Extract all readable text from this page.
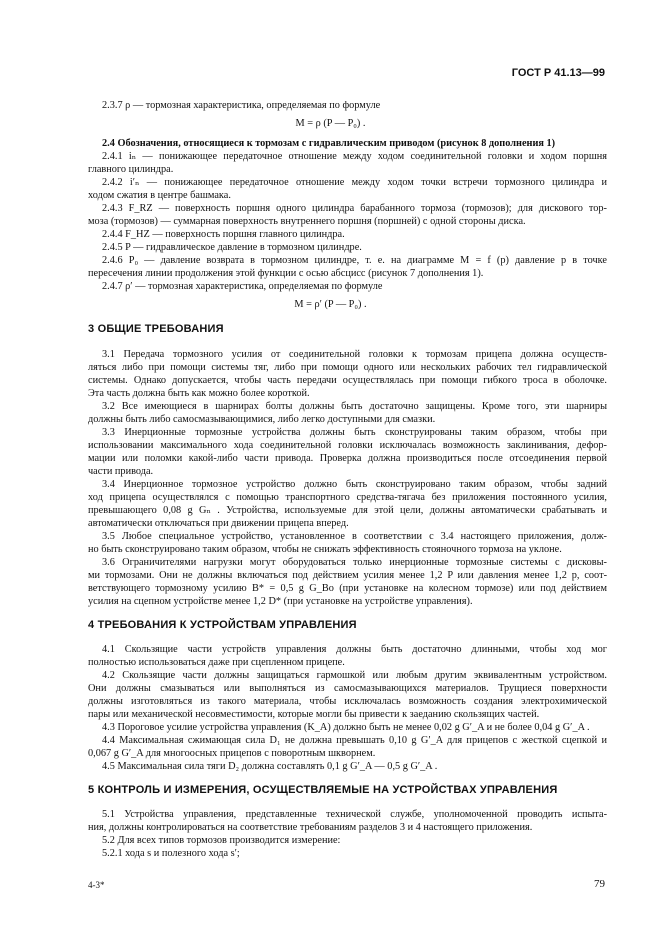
ГОСТ Р 41.13—99
2.3.7 ρ — тормозная характеристика, определяемая по формуле
M = ρ (P — P₀) .
2.4 Обозначения, относящиеся к тормозам с гидравлическим приводом (рисунок 8 дополнения 1)
2.4.1 iₙ — понижающее передаточное отношение между ходом соединительной головки и ходом поршня
главного цилиндра.
2.4.2 i′ₙ — понижающее передаточное отношение между ходом точки встречи тормозного цилиндра и
ходом сжатия в центре башмака.
2.4.3 F_RZ — поверхность поршня одного цилиндра барабанного тормоза (тормозов); для дискового тор-
моза (тормозов) — суммарная поверхность внутреннего поршня (поршней) с одной стороны диска.
2.4.4 F_HZ — поверхность поршня главного цилиндра.
2.4.5 P — гидравлическое давление в тормозном цилиндре.
2.4.6 P₀ — давление возврата в тормозном цилиндре, т. е. на диаграмме M = f (p) давление p в точке
пересечения линии продолжения этой функции с осью абсцисс (рисунок 7 дополнения 1).
2.4.7 ρ′ — тормозная характеристика, определяемая по формуле
M = ρ′ (P — P₀) .
3 ОБЩИЕ ТРЕБОВАНИЯ
3.1 Передача тормозного усилия от соединительной головки к тормозам прицепа должна осуществ-
ляться либо при помощи системы тяг, либо при помощи одного или нескольких рабочих тел гидравлической
системы. Однако допускается, чтобы часть передачи осуществлялась при помощи гибкого троса в оболочке.
Эта часть должна быть как можно более короткой.
3.2 Все имеющиеся в шарнирах болты должны быть достаточно защищены. Кроме того, эти шарниры
должны быть либо самосмазывающимися, либо легко доступными для смазки.
3.3 Инерционные тормозные устройства должны быть сконструированы таким образом, чтобы при
использовании максимального хода соединительной головки исключалась возможность заклинивания, дефор-
мации или поломки какой-либо части привода. Проверка должна производиться после отсоединения первой
части привода.
3.4 Инерционное тормозное устройство должно быть сконструировано таким образом, чтобы задний
ход прицепа осуществлялся с помощью транспортного средства-тягача без приложения постоянного усилия,
превышающего 0,08 g Gₙ . Устройства, используемые для этой цели, должны автоматически срабатывать и
автоматически отключаться при движении прицепа вперед.
3.5 Любое специальное устройство, установленное в соответствии с 3.4 настоящего приложения, долж-
но быть сконструировано таким образом, чтобы не снижать эффективность стояночного тормоза на уклоне.
3.6 Ограничителями нагрузки могут оборудоваться только инерционные тормозные системы с дисковы-
ми тормозами. Они не должны включаться под действием усилия менее 1,2 P или давления менее 1,2 p, соот-
ветствующего тормозному усилию B* = 0,5 g G_Bo (при установке на колесном тормозе) или под действием
усилия на сцепном устройстве менее 1,2 D* (при установке на устройстве управления).
4 ТРЕБОВАНИЯ К УСТРОЙСТВАМ УПРАВЛЕНИЯ
4.1 Скользящие части устройств управления должны быть достаточно длинными, чтобы ход мог
полностью использоваться даже при сцепленном прицепе.
4.2 Скользящие части должны защищаться гармошкой или любым другим эквивалентным устройством.
Они должны смазываться или выполняться из самосмазывающихся материалов. Трущиеся поверхности
должны изготовляться из такого материала, чтобы исключалась возможность создания электрохимической
пары или механической несовместимости, которые могли бы привести к заеданию скользящих частей.
4.3 Пороговое усилие устройства управления (K_A) должно быть не менее 0,02 g G′_A и не более 0,04 g G′_A .
4.4 Максимальная сжимающая сила D₁ не должна превышать 0,10 g G′_A для прицепов с жесткой сцепкой и
0,067 g G′_A для многоосных прицепов с поворотным шкворнем.
4.5 Максимальная сила тяги D₂ должна составлять 0,1 g G′_A — 0,5 g G′_A .
5 КОНТРОЛЬ И ИЗМЕРЕНИЯ, ОСУЩЕСТВЛЯЕМЫЕ НА УСТРОЙСТВАХ УПРАВЛЕНИЯ
5.1 Устройства управления, представленные технической службе, уполномоченной проводить испыта-
ния, должны контролироваться на соответствие требованиям разделов 3 и 4 настоящего приложения.
5.2 Для всех типов тормозов производится измерение:
5.2.1 хода s и полезного хода s′;
4-3*	79
